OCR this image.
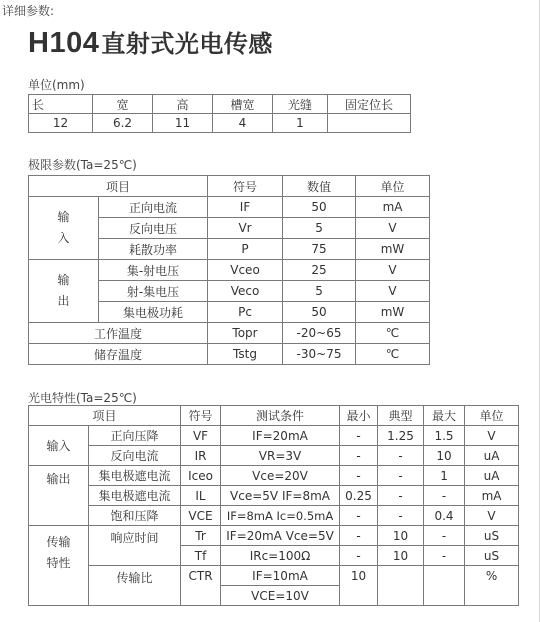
详细参数:
H104直射式光电传感
单位(mm)
长	宽	高	槽宽	光缝	固定位长
12	6.2	11	4	1	
极限参数(Ta=25℃)
项目		符号	数值	单位
输入	正向电流	IF	50	mA
	反向电压	Vr	5	V
	耗散功率	P	75	mW
输出	集-射电压	Vceo	25	V
	射-集电压	Veco	5	V
	集电极功耗	Pc	50	mW
工作温度		Topr	-20~65	℃
储存温度		Tstg	-30~75	℃
光电特性(Ta=25℃)
项目		符号	测试条件	最小	典型	最大	单位
输入	正向压降	VF	IF=20mA	-	1.25	1.5	V
	反向电流	IR	VR=3V	-	-	10	uA
输出	集电极遮电流	Iceo	Vce=20V	-	-	1	uA
	集电极遮电流	IL	Vce=5V IF=8mA	0.25	-	-	mA
	饱和压降	VCE	IF=8mA Ic=0.5mA	-	-	0.4	V
传输特性	响应时间	Tr	IF=20mA Vce=5V	-	10	-	uS
		Tf	IRc=100Ω	-	10	-	uS
	传输比	CTR	IF=10mA	10			%
			VCE=10V				
